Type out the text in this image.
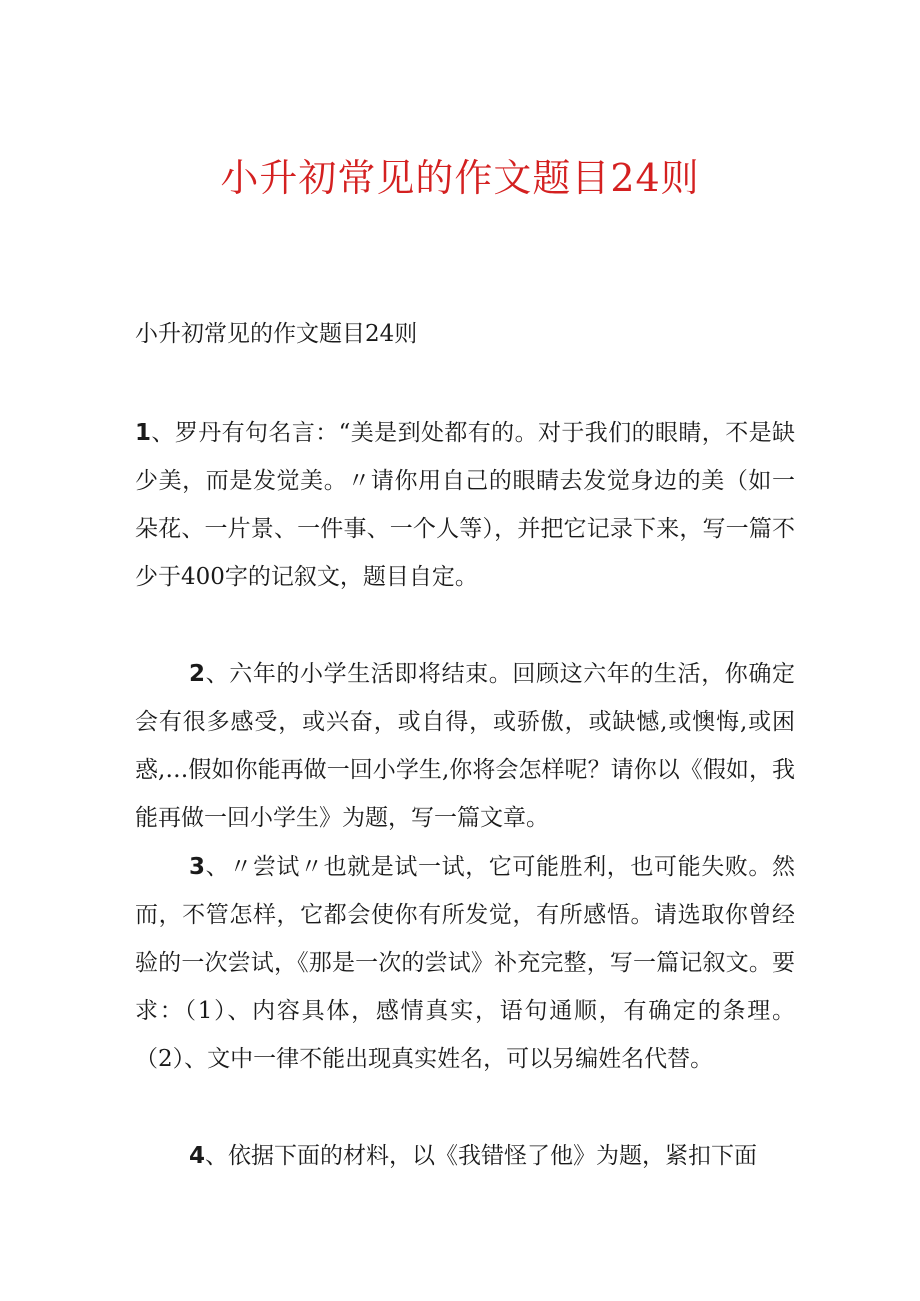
小升初常见的作文题目24则

小升初常见的作文题目24则

1、罗丹有句名言：“美是到处都有的。对于我们的眼睛，不是缺少美，而是发觉美。〃请你用自己的眼睛去发觉身边的美（如一朵花、一片景、一件事、一个人等），并把它记录下来，写一篇不少于400字的记叙文，题目自定。

2、六年的小学生活即将结束。回顾这六年的生活，你确定会有很多感受，或兴奋，或自得，或骄傲，或缺憾,或懊悔,或困惑,…假如你能再做一回小学生,你将会怎样呢？请你以《假如，我能再做一回小学生》为题，写一篇文章。

3、〃尝试〃也就是试一试，它可能胜利，也可能失败。然而，不管怎样，它都会使你有所发觉，有所感悟。请选取你曾经验的一次尝试，《那是一次的尝试》补充完整，写一篇记叙文。要求：（1）、内容具体，感情真实，语句通顺，有确定的条理。（2）、文中一律不能出现真实姓名，可以另编姓名代替。

4、依据下面的材料，以《我错怪了他》为题，紧扣下面
